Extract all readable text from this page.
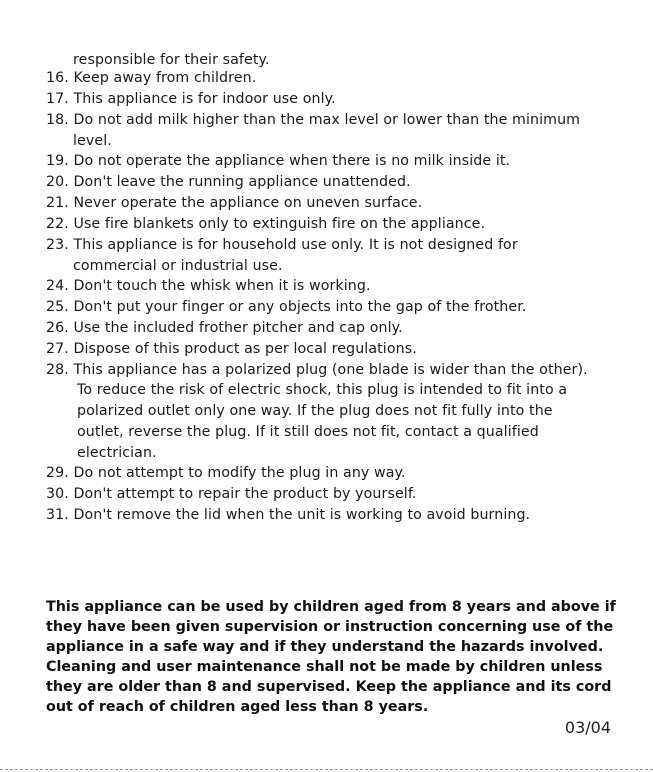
responsible for their safety.
16. Keep away from children.
17. This appliance is for indoor use only.
18. Do not add milk higher than the max level or lower than the minimum
level.
19. Do not operate the appliance when there is no milk inside it.
20. Don't leave the running appliance unattended.
21. Never operate the appliance on uneven surface.
22. Use fire blankets only to extinguish fire on the appliance.
23. This appliance is for household use only. It is not designed for
commercial or industrial use.
24. Don't touch the whisk when it is working.
25. Don't put your finger or any objects into the gap of the frother.
26. Use the included frother pitcher and cap only.
27. Dispose of this product as per local regulations.
28. This appliance has a polarized plug (one blade is wider than the other).
To reduce the risk of electric shock, this plug is intended to fit into a
polarized outlet only one way. If the plug does not fit fully into the
outlet, reverse the plug. If it still does not fit, contact a qualified
electrician.
29. Do not attempt to modify the plug in any way.
30. Don't attempt to repair the product by yourself.
31. Don't remove the lid when the unit is working to avoid burning.
This appliance can be used by children aged from 8 years and above if
they have been given supervision or instruction concerning use of the
appliance in a safe way and if they understand the hazards involved.
Cleaning and user maintenance shall not be made by children unless
they are older than 8 and supervised. Keep the appliance and its cord
out of reach of children aged less than 8 years.
03/04
